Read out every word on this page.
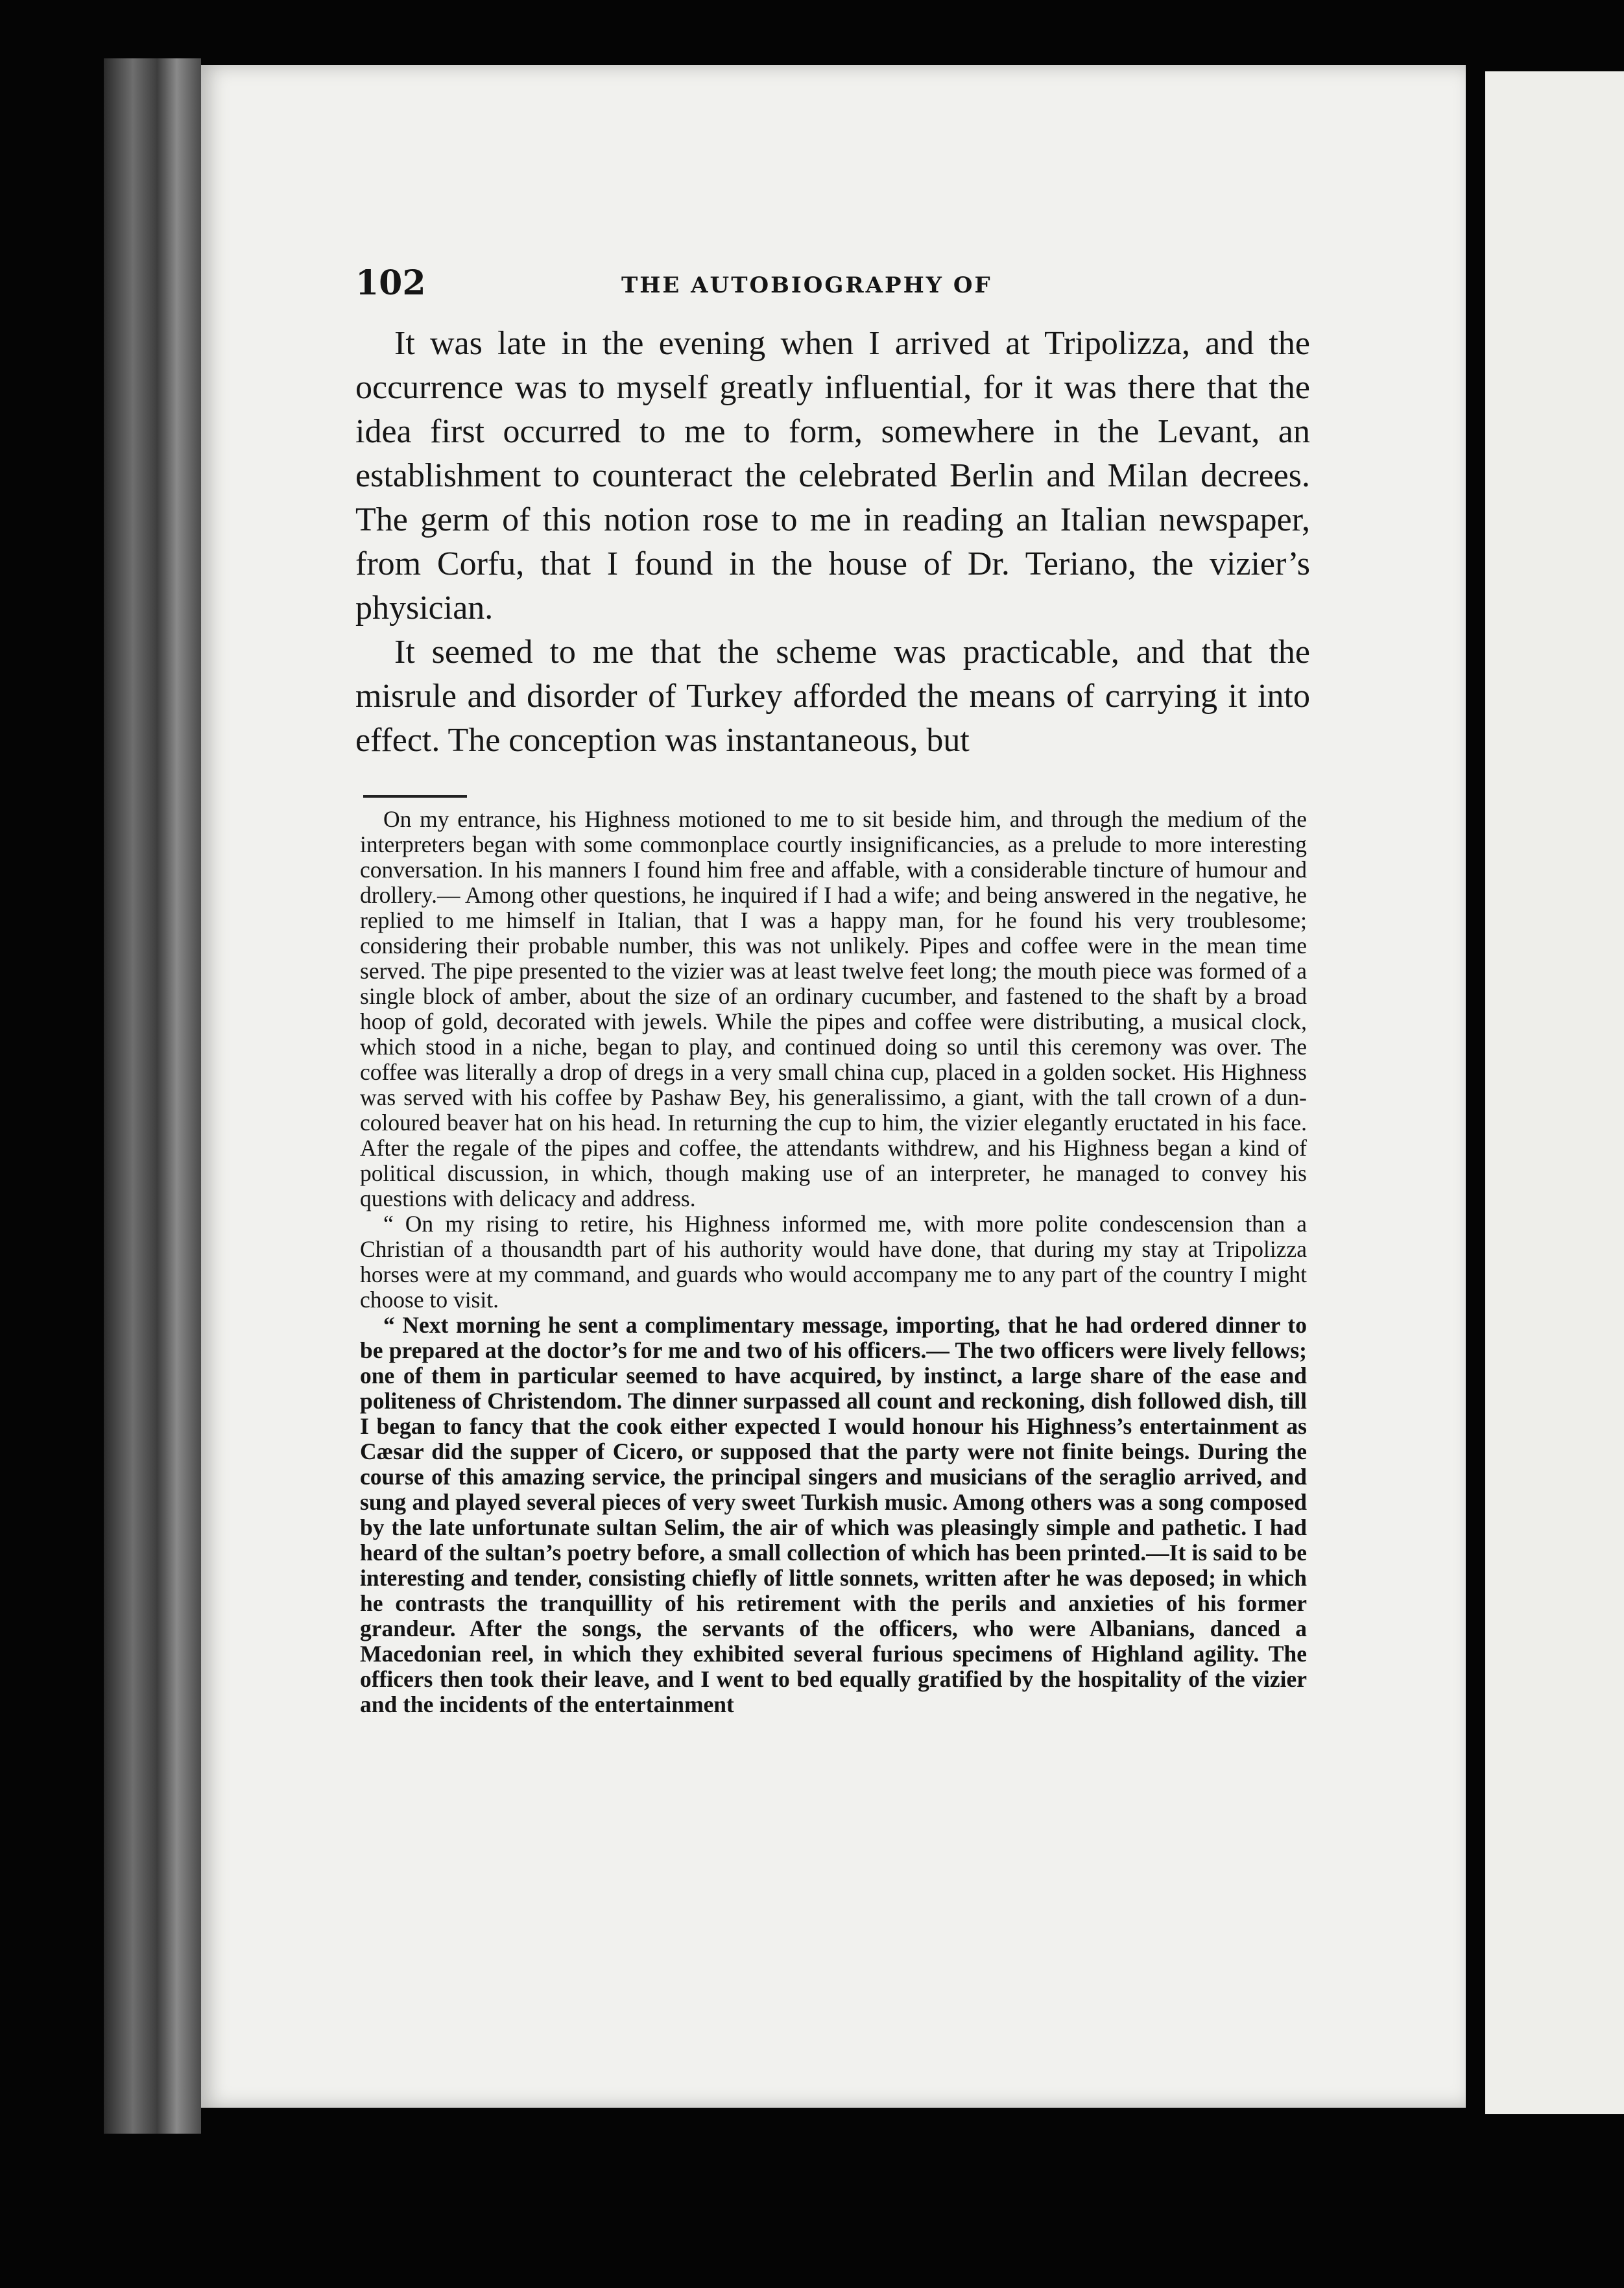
102	THE AUTOBIOGRAPHY OF

It was late in the evening when I arrived at Tripolizza, and the occurrence was to myself greatly influential, for it was there that the idea first occurred to me to form, somewhere in the Levant, an establishment to counteract the celebrated Berlin and Milan decrees. The germ of this notion rose to me in reading an Italian newspaper, from Corfu, that I found in the house of Dr. Teriano, the vizier’s physician.

It seemed to me that the scheme was practicable, and that the misrule and disorder of Turkey afforded the means of carrying it into effect. The conception was instantaneous, but

On my entrance, his Highness motioned to me to sit beside him, and through the medium of the interpreters began with some commonplace courtly insignificancies, as a prelude to more interesting conversation. In his manners I found him free and affable, with a considerable tincture of humour and drollery.— Among other questions, he inquired if I had a wife; and being answered in the negative, he replied to me himself in Italian, that I was a happy man, for he found his very troublesome; considering their probable number, this was not unlikely. Pipes and coffee were in the mean time served. The pipe presented to the vizier was at least twelve feet long; the mouth piece was formed of a single block of amber, about the size of an ordinary cucumber, and fastened to the shaft by a broad hoop of gold, decorated with jewels. While the pipes and coffee were distributing, a musical clock, which stood in a niche, began to play, and continued doing so until this ceremony was over. The coffee was literally a drop of dregs in a very small china cup, placed in a golden socket. His Highness was served with his coffee by Pashaw Bey, his generalissimo, a giant, with the tall crown of a dun-coloured beaver hat on his head. In returning the cup to him, the vizier elegantly eructated in his face. After the regale of the pipes and coffee, the attendants withdrew, and his Highness began a kind of political discussion, in which, though making use of an interpreter, he managed to convey his questions with delicacy and address.

“ On my rising to retire, his Highness informed me, with more polite condescension than a Christian of a thousandth part of his authority would have done, that during my stay at Tripolizza horses were at my command, and guards who would accompany me to any part of the country I might choose to visit.

“ Next morning he sent a complimentary message, importing, that he had ordered dinner to be prepared at the doctor’s for me and two of his officers.— The two officers were lively fellows; one of them in particular seemed to have acquired, by instinct, a large share of the ease and politeness of Christendom. The dinner surpassed all count and reckoning, dish followed dish, till I began to fancy that the cook either expected I would honour his Highness’s entertainment as Cæsar did the supper of Cicero, or supposed that the party were not finite beings. During the course of this amazing service, the principal singers and musicians of the seraglio arrived, and sung and played several pieces of very sweet Turkish music. Among others was a song composed by the late unfortunate sultan Selim, the air of which was pleasingly simple and pathetic. I had heard of the sultan’s poetry before, a small collection of which has been printed.—It is said to be interesting and tender, consisting chiefly of little sonnets, written after he was deposed; in which he contrasts the tranquillity of his retirement with the perils and anxieties of his former grandeur. After the songs, the servants of the officers, who were Albanians, danced a Macedonian reel, in which they exhibited several furious specimens of Highland agility. The officers then took their leave, and I went to bed equally gratified by the hospitality of the vizier and the incidents of the entertainment
